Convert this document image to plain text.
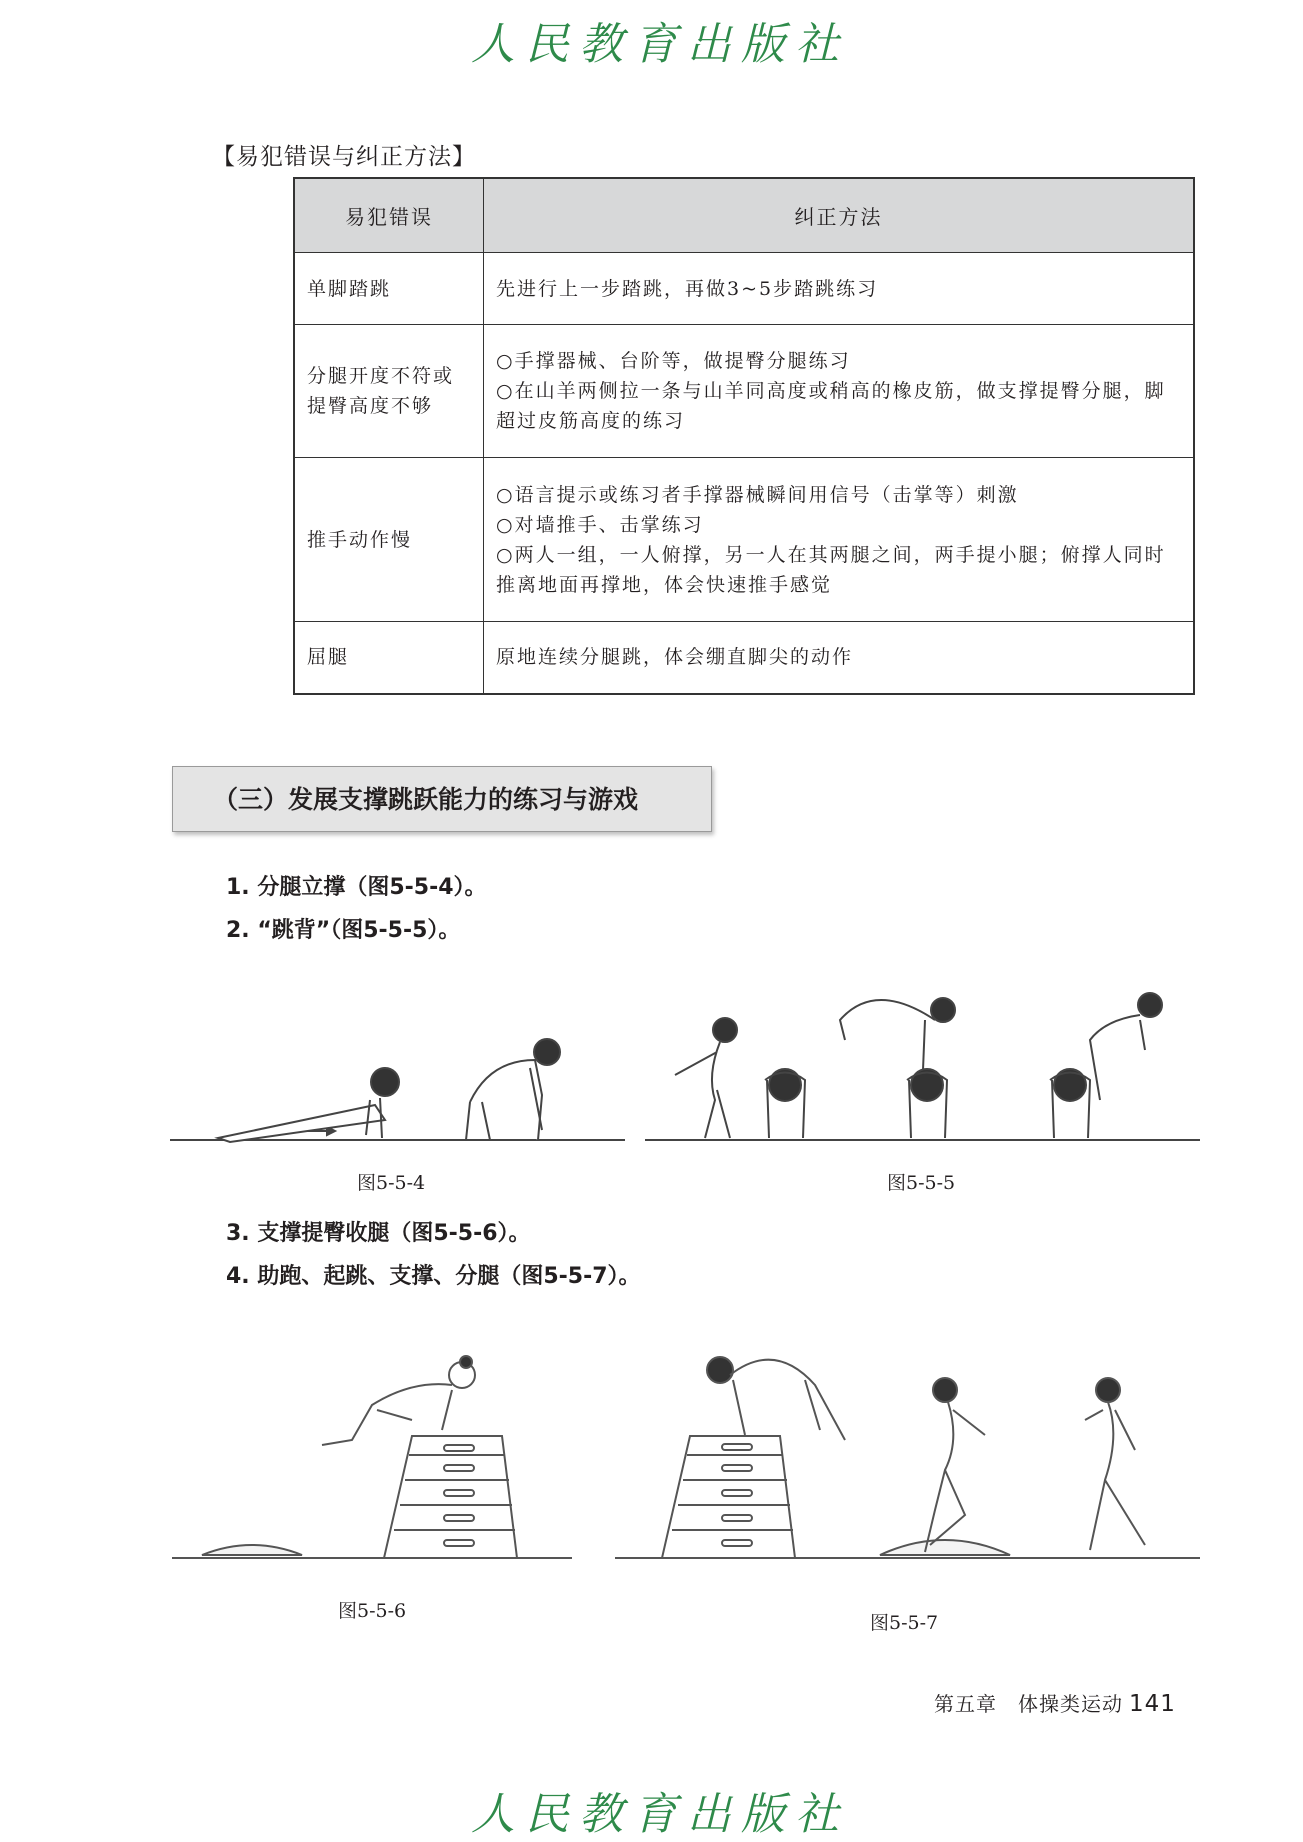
人民教育出版社
【易犯错误与纠正方法】
易犯错误	纠正方法
单脚踏跳	先进行上一步踏跳，再做3~5步踏跳练习

分腿开度不符或提臀高度不够	○手撑器械、台阶等，做提臀分腿练习
○在山羊两侧拉一条与山羊同高度或稍高的橡皮筋，做支撑提臀分腿，脚超过皮筋高度的练习

推手动作慢	○语言提示或练习者手撑器械瞬间用信号（击掌等）刺激
○对墙推手、击掌练习
○两人一组，一人俯撑，另一人在其两腿之间，两手提小腿；俯撑人同时推离地面再撑地，体会快速推手感觉

屈腿	原地连续分腿跳，体会绷直脚尖的动作
（三）发展支撑跳跃能力的练习与游戏
1. 分腿立撑（图5-5-4）。
2. “跳背”（图5-5-5）。
图5-5-4	图5-5-5
3. 支撑提臀收腿（图5-5-6）。
4. 助跑、起跳、支撑、分腿（图5-5-7）。
图5-5-6
图5-5-7
第五章　体操类运动 141
人民教育出版社
